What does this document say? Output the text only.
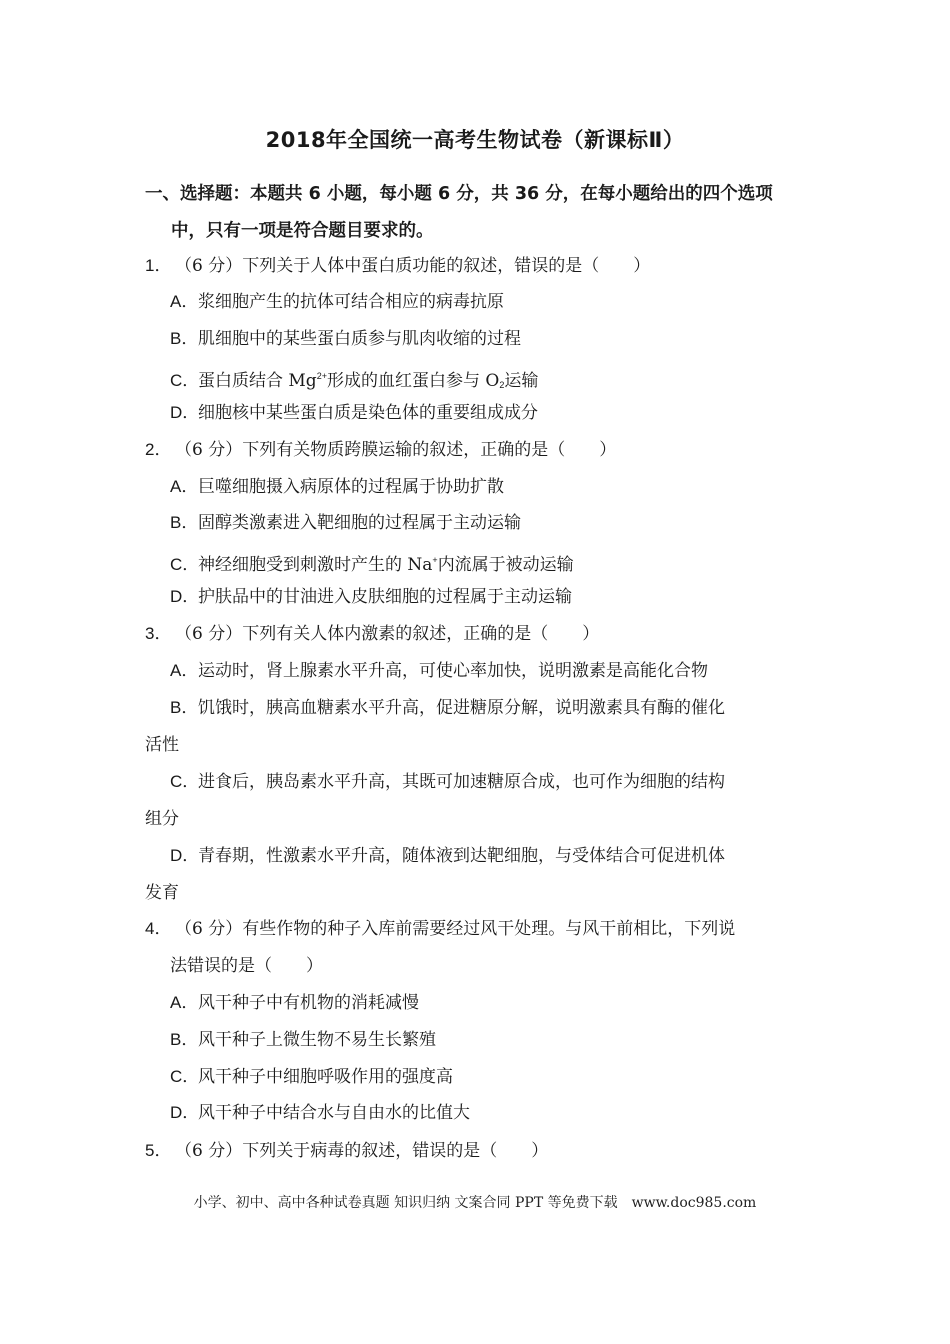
2018年全国统一高考生物试卷（新课标Ⅱ）
一、选择题：本题共 6 小题，每小题 6 分，共 36 分，在每小题给出的四个选项
中，只有一项是符合题目要求的。
1． （6 分）下列关于人体中蛋白质功能的叙述，错误的是（　　）
A．浆细胞产生的抗体可结合相应的病毒抗原
B．肌细胞中的某些蛋白质参与肌肉收缩的过程
C．蛋白质结合 $Mg^{2+}$形成的血红蛋白参与 $O_2$运输
D．细胞核中某些蛋白质是染色体的重要组成成分
2． （6 分）下列有关物质跨膜运输的叙述，正确的是（　　）
A．巨噬细胞摄入病原体的过程属于协助扩散
B．固醇类激素进入靶细胞的过程属于主动运输
C．神经细胞受到刺激时产生的 Na+内流属于被动运输
D．护肤品中的甘油进入皮肤细胞的过程属于主动运输
3． （6 分）下列有关人体内激素的叙述，正确的是（　　）
A．运动时，肾上腺素水平升高，可使心率加快，说明激素是高能化合物
B．饥饿时，胰高血糖素水平升高，促进糖原分解，说明激素具有酶的催化
活性
C．进食后，胰岛素水平升高，其既可加速糖原合成，也可作为细胞的结构
组分
D．青春期，性激素水平升高，随体液到达靶细胞，与受体结合可促进机体
发育
4． （6 分）有些作物的种子入库前需要经过风干处理。与风干前相比，下列说
法错误的是（　　）
A．风干种子中有机物的消耗减慢
B．风干种子上微生物不易生长繁殖
C．风干种子中细胞呼吸作用的强度高
D．风干种子中结合水与自由水的比值大
5． （6 分）下列关于病毒的叙述，错误的是（　　）
小学、初中、高中各种试卷真题 知识归纳 文案合同 PPT 等免费下载　www.doc985.com
